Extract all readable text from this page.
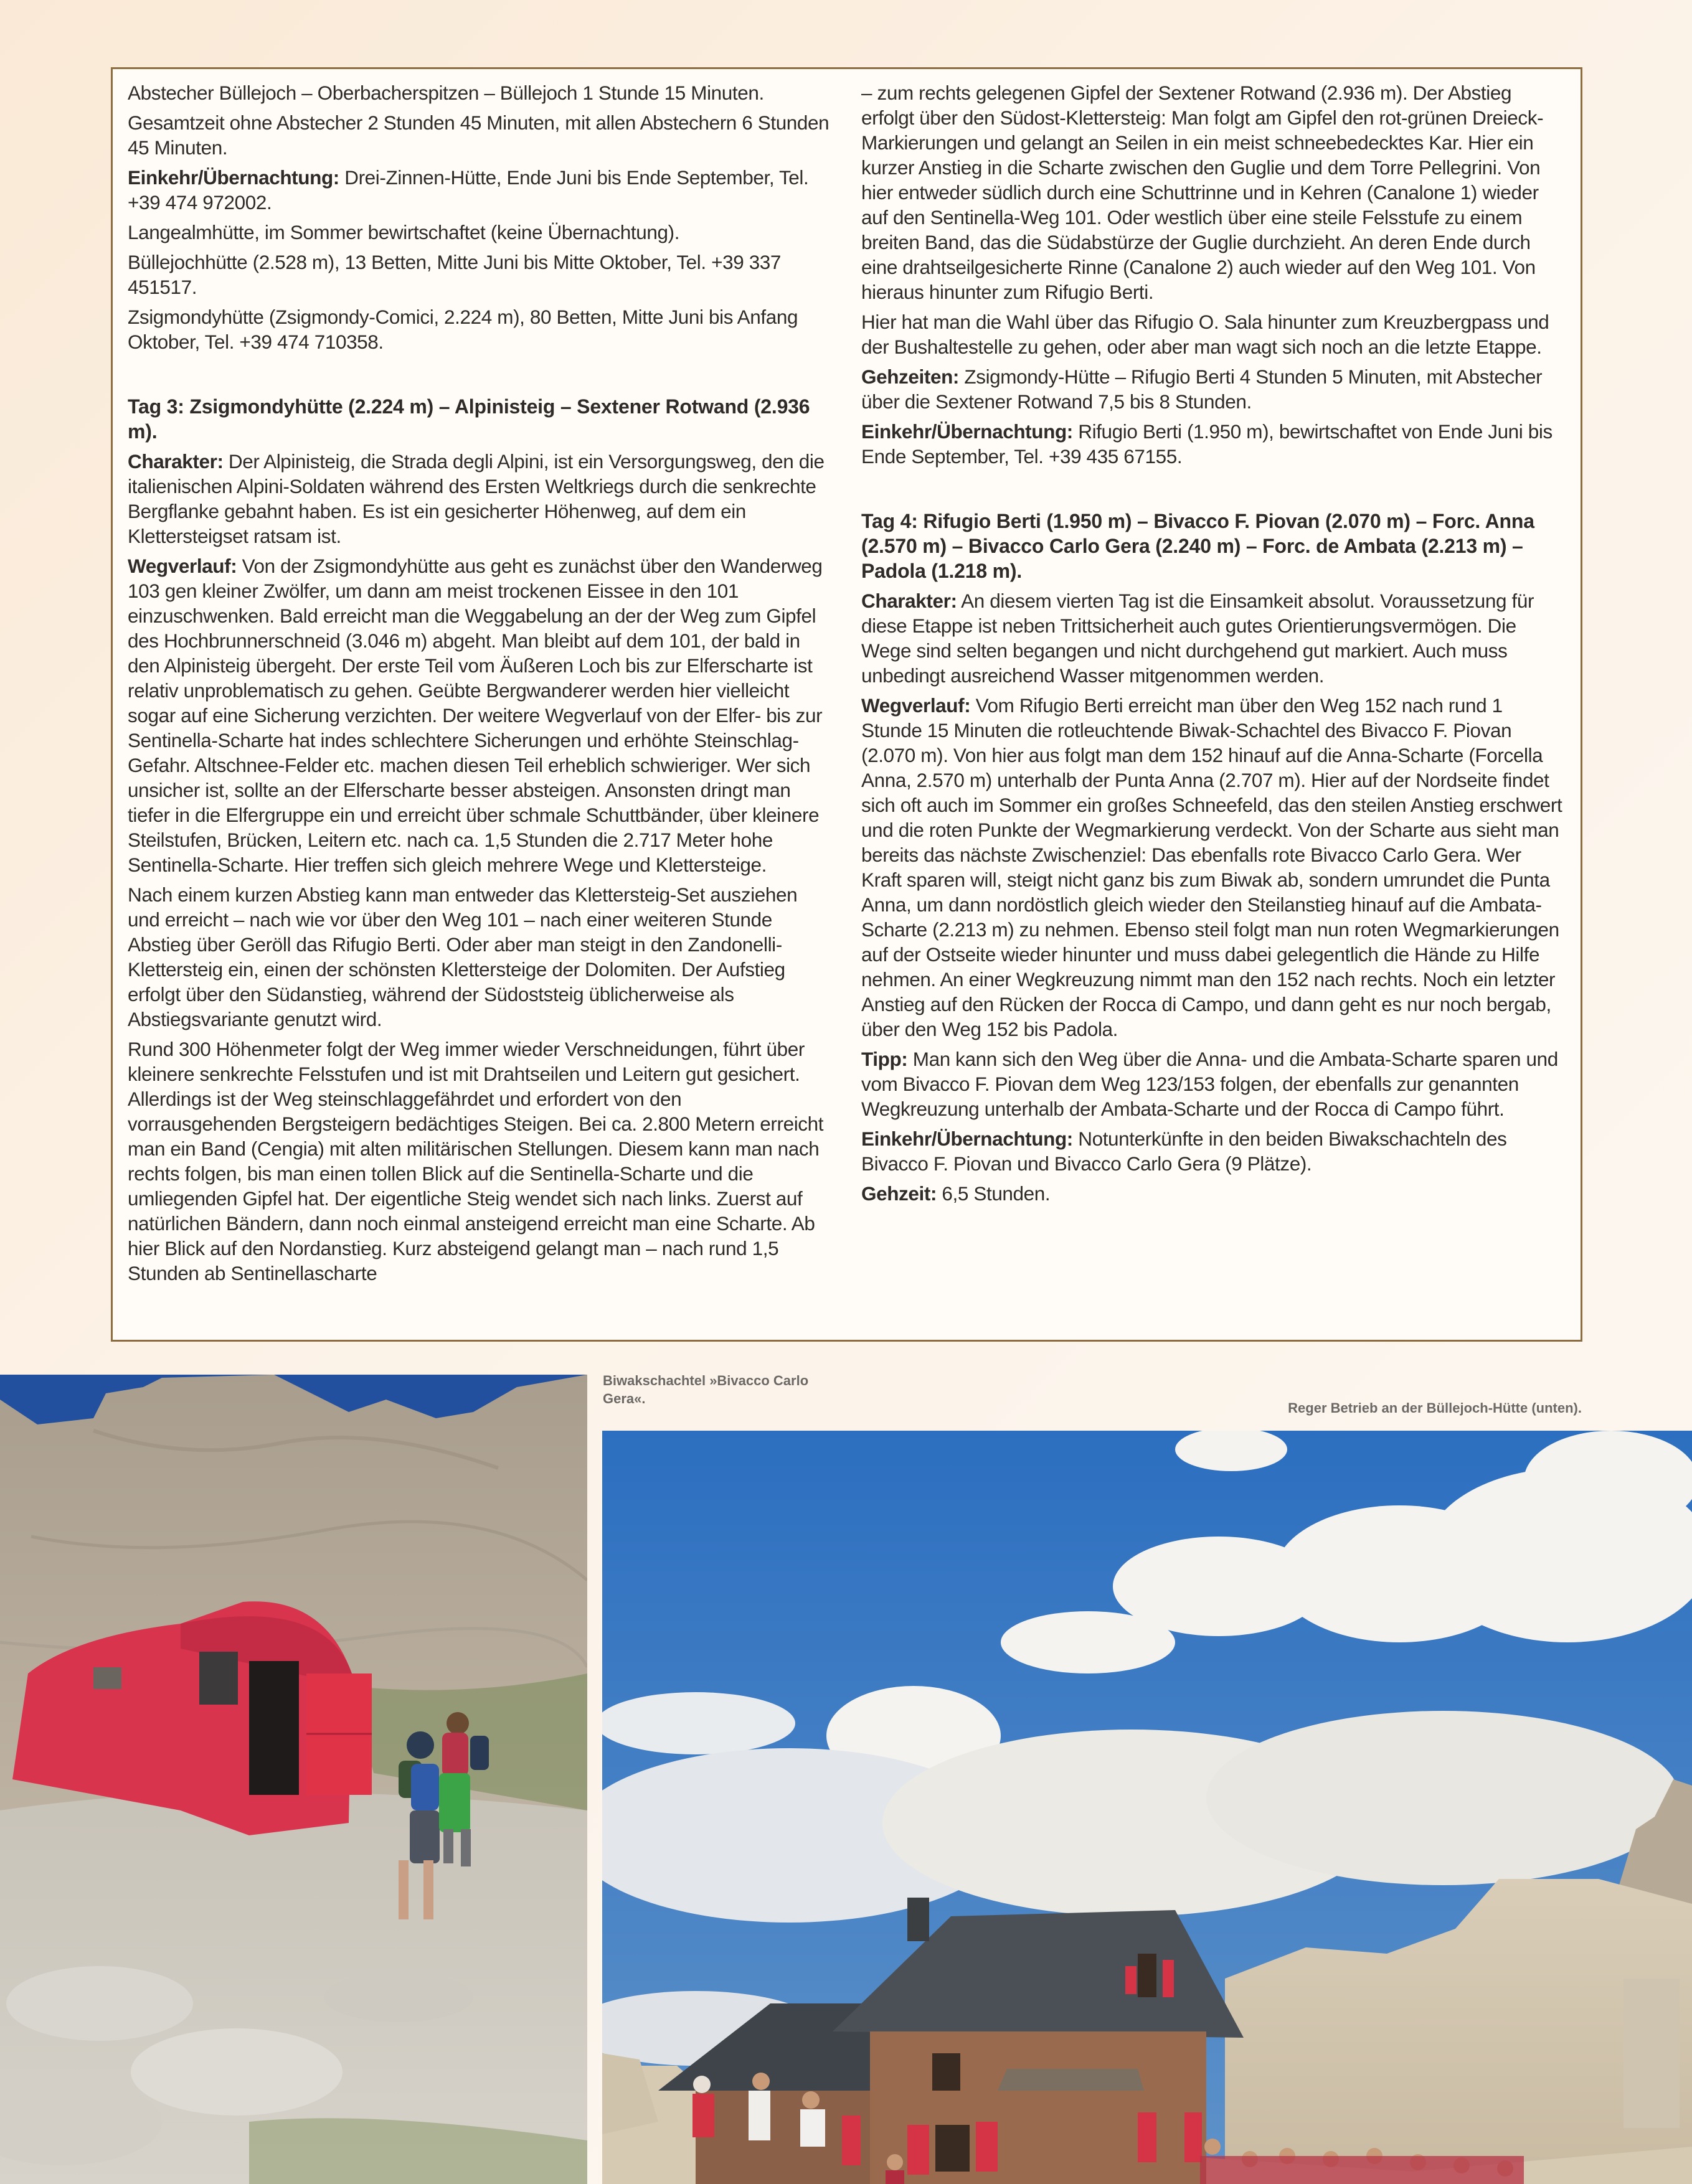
Abstecher Büllejoch – Oberbacherspitzen – Büllejoch 1 Stunde 15 Minuten.

Gesamtzeit ohne Abstecher 2 Stunden 45 Minuten, mit allen Abstechern 6 Stunden 45 Minuten.

Einkehr/Übernachtung: Drei-Zinnen-Hütte, Ende Juni bis Ende September, Tel. +39 474 972002.

Langealmhütte, im Sommer bewirtschaftet (keine Übernachtung).

Büllejochhütte (2.528 m), 13 Betten, Mitte Juni bis Mitte Oktober, Tel. +39 337 451517.

Zsigmondyhütte (Zsigmondy-Comici, 2.224 m), 80 Betten, Mitte Juni bis Anfang Oktober, Tel. +39 474 710358.

Tag 3: Zsigmondyhütte (2.224 m) – Alpinisteig – Sextener Rotwand (2.936 m).

Charakter: Der Alpinisteig, die Strada degli Alpini, ist ein Versorgungsweg, den die italienischen Alpini-Soldaten während des Ersten Weltkriegs durch die senkrechte Bergflanke gebahnt haben. Es ist ein gesicherter Höhenweg, auf dem ein Klettersteigset ratsam ist.

Wegverlauf: Von der Zsigmondyhütte aus geht es zunächst über den Wanderweg 103 gen kleiner Zwölfer, um dann am meist trockenen Eissee in den 101 einzuschwenken. Bald erreicht man die Weggabelung an der der Weg zum Gipfel des Hochbrunnerschneid (3.046 m) abgeht. Man bleibt auf dem 101, der bald in den Alpinisteig übergeht. Der erste Teil vom Äußeren Loch bis zur Elferscharte ist relativ unproblematisch zu gehen. Geübte Bergwanderer werden hier vielleicht sogar auf eine Sicherung verzichten. Der weitere Wegverlauf von der Elfer- bis zur Sentinella-Scharte hat indes schlechtere Sicherungen und erhöhte Steinschlag-Gefahr. Altschnee-Felder etc. machen diesen Teil erheblich schwieriger. Wer sich unsicher ist, sollte an der Elferscharte besser absteigen. Ansonsten dringt man tiefer in die Elfergruppe ein und erreicht über schmale Schuttbänder, über kleinere Steilstufen, Brücken, Leitern etc. nach ca. 1,5 Stunden die 2.717 Meter hohe Sentinella-Scharte. Hier treffen sich gleich mehrere Wege und Klettersteige.

Nach einem kurzen Abstieg kann man entweder das Klettersteig-Set ausziehen und erreicht – nach wie vor über den Weg 101 – nach einer weiteren Stunde Abstieg über Geröll das Rifugio Berti. Oder aber man steigt in den Zandonelli-Klettersteig ein, einen der schönsten Klettersteige der Dolomiten. Der Aufstieg erfolgt über den Südanstieg, während der Südoststeig üblicherweise als Abstiegsvariante genutzt wird.

Rund 300 Höhenmeter folgt der Weg immer wieder Verschneidungen, führt über kleinere senkrechte Felsstufen und ist mit Drahtseilen und Leitern gut gesichert. Allerdings ist der Weg steinschlaggefährdet und erfordert von den vorrausgehenden Bergsteigern bedächtiges Steigen. Bei ca. 2.800 Metern erreicht man ein Band (Cengia) mit alten militärischen Stellungen. Diesem kann man nach rechts folgen, bis man einen tollen Blick auf die Sentinella-Scharte und die umliegenden Gipfel hat. Der eigentliche Steig wendet sich nach links. Zuerst auf natürlichen Bändern, dann noch einmal ansteigend erreicht man eine Scharte. Ab hier Blick auf den Nordanstieg. Kurz absteigend gelangt man – nach rund 1,5 Stunden ab Sentinellascharte

– zum rechts gelegenen Gipfel der Sextener Rotwand (2.936 m). Der Abstieg erfolgt über den Südost-Klettersteig: Man folgt am Gipfel den rot-grünen Dreieck-Markierungen und gelangt an Seilen in ein meist schneebedecktes Kar. Hier ein kurzer Anstieg in die Scharte zwischen den Guglie und dem Torre Pellegrini. Von hier entweder südlich durch eine Schuttrinne und in Kehren (Canalone 1) wieder auf den Sentinella-Weg 101. Oder westlich über eine steile Felsstufe zu einem breiten Band, das die Südabstürze der Guglie durchzieht. An deren Ende durch eine drahtseilgesicherte Rinne (Canalone 2) auch wieder auf den Weg 101. Von hieraus hinunter zum Rifugio Berti.

Hier hat man die Wahl über das Rifugio O. Sala hinunter zum Kreuzbergpass und der Bushaltestelle zu gehen, oder aber man wagt sich noch an die letzte Etappe.

Gehzeiten: Zsigmondy-Hütte – Rifugio Berti 4 Stunden 5 Minuten, mit Abstecher über die Sextener Rotwand 7,5 bis 8 Stunden.

Einkehr/Übernachtung: Rifugio Berti (1.950 m), bewirtschaftet von Ende Juni bis Ende September, Tel. +39 435 67155.

Tag 4: Rifugio Berti (1.950 m) – Bivacco F. Piovan (2.070 m) – Forc. Anna (2.570 m) – Bivacco Carlo Gera (2.240 m) – Forc. de Ambata (2.213 m) – Padola (1.218 m).

Charakter: An diesem vierten Tag ist die Einsamkeit absolut. Voraussetzung für diese Etappe ist neben Trittsicherheit auch gutes Orientierungsvermögen. Die Wege sind selten begangen und nicht durchgehend gut markiert. Auch muss unbedingt ausreichend Wasser mitgenommen werden.

Wegverlauf: Vom Rifugio Berti erreicht man über den Weg 152 nach rund 1 Stunde 15 Minuten die rotleuchtende Biwak-Schachtel des Bivacco F. Piovan (2.070 m). Von hier aus folgt man dem 152 hinauf auf die Anna-Scharte (Forcella Anna, 2.570 m) unterhalb der Punta Anna (2.707 m). Hier auf der Nordseite findet sich oft auch im Sommer ein großes Schneefeld, das den steilen Anstieg erschwert und die roten Punkte der Wegmarkierung verdeckt. Von der Scharte aus sieht man bereits das nächste Zwischenziel: Das ebenfalls rote Bivacco Carlo Gera. Wer Kraft sparen will, steigt nicht ganz bis zum Biwak ab, sondern umrundet die Punta Anna, um dann nordöstlich gleich wieder den Steilanstieg hinauf auf die Ambata-Scharte (2.213 m) zu nehmen. Ebenso steil folgt man nun roten Wegmarkierungen auf der Ostseite wieder hinunter und muss dabei gelegentlich die Hände zu Hilfe nehmen. An einer Wegkreuzung nimmt man den 152 nach rechts. Noch ein letzter Anstieg auf den Rücken der Rocca di Campo, und dann geht es nur noch bergab, über den Weg 152 bis Padola.

Tipp: Man kann sich den Weg über die Anna- und die Ambata-Scharte sparen und vom Bivacco F. Piovan dem Weg 123/153 folgen, der ebenfalls zur genannten Wegkreuzung unterhalb der Ambata-Scharte und der Rocca di Campo führt.

Einkehr/Übernachtung: Notunterkünfte in den beiden Biwakschachteln des Bivacco F. Piovan und Bivacco Carlo Gera (9 Plätze).

Gehzeit: 6,5 Stunden.

Biwakschachtel »Bivacco Carlo Gera«.
Reger Betrieb an der Büllejoch-Hütte (unten).
